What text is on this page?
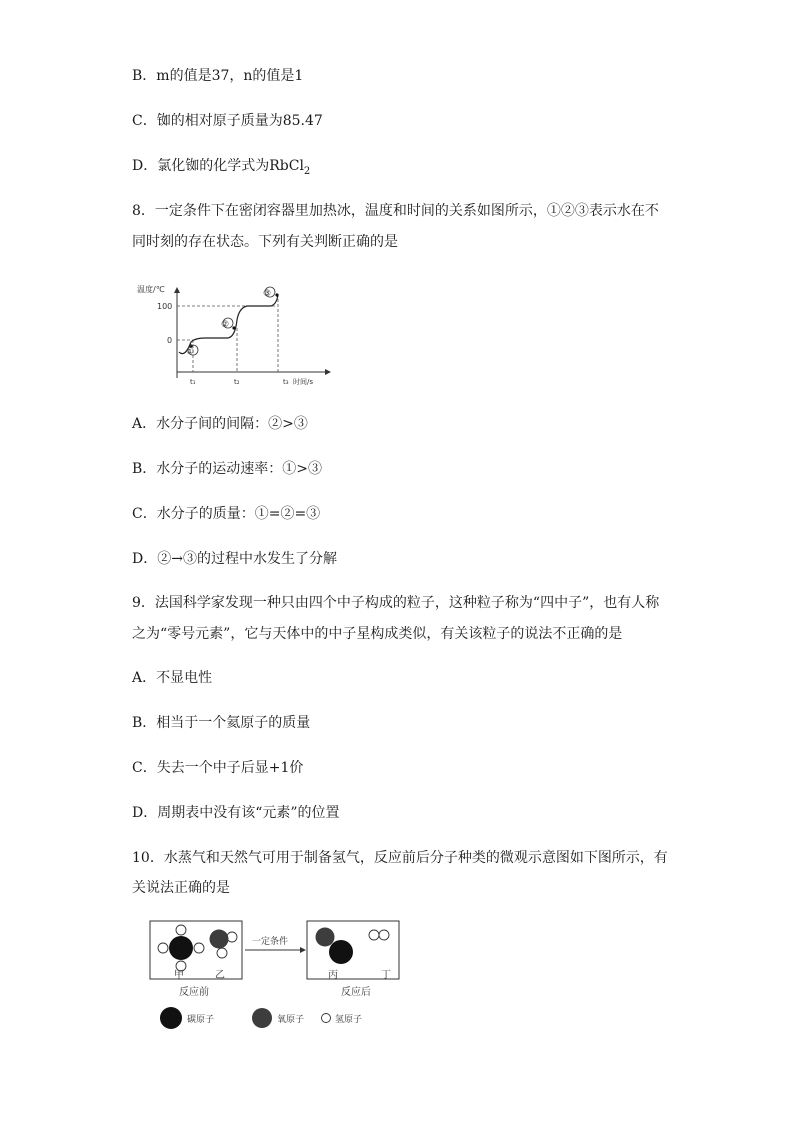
B．m的值是37，n的值是1
C．铷的相对原子质量为85.47
D．氯化铷的化学式为RbCl$_2$
8．一定条件下在密闭容器里加热冰，温度和时间的关系如图所示，①②③表示水在不
同时刻的存在状态。下列有关判断正确的是
温度/℃
100
0
①
②
③
t₁	t₂	t₃ 时间/s
A．水分子间的间隔：②>③
B．水分子的运动速率：①>③
C．水分子的质量：①=②=③
D．②→③的过程中水发生了分解
9．法国科学家发现一种只由四个中子构成的粒子，这种粒子称为“四中子”，也有人称
之为“零号元素”，它与天体中的中子星构成类似，有关该粒子的说法不正确的是
A．不显电性
B．相当于一个氦原子的质量
C．失去一个中子后显+1价
D．周期表中没有该“元素”的位置
10．水蒸气和天然气可用于制备氢气，反应前后分子种类的微观示意图如下图所示，有
关说法正确的是
甲	乙
反应前
一定条件
丙	丁
反应后
碳原子	氧原子	氢原子
